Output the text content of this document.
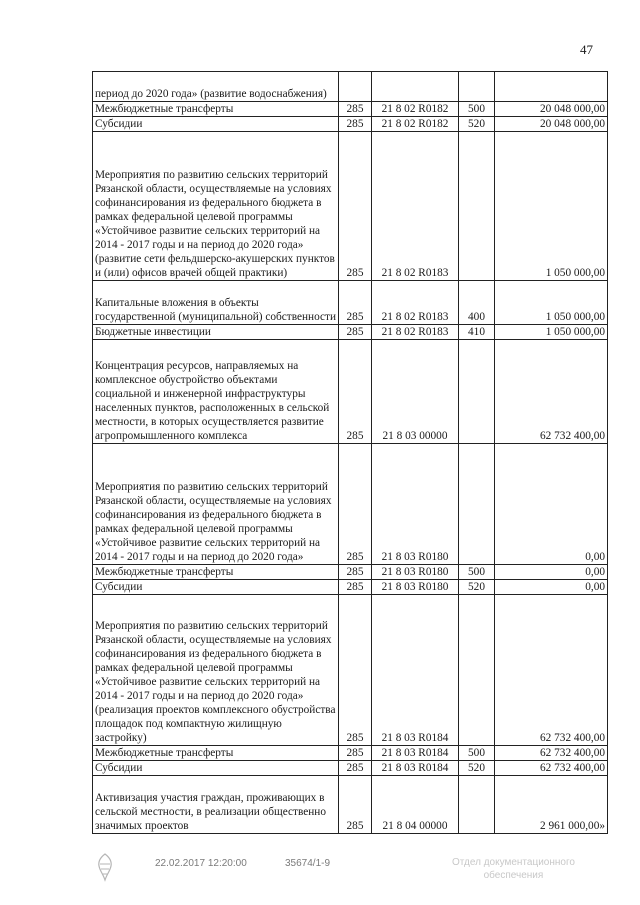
47
период до 2020 года» (развитие водоснабжения)				
Межбюджетные трансферты	285	21 8 02 R0182	500	20 048 000,00
Субсидии	285	21 8 02 R0182	520	20 048 000,00
Мероприятия по развитию сельских территорий Рязанской области, осуществляемые на условиях софинансирования из федерального бюджета в рамках федеральной целевой программы «Устойчивое развитие сельских территорий на 2014 - 2017 годы и на период до 2020 года» (развитие сети фельдшерско-акушерских пунктов и (или) офисов врачей общей практики)	285	21 8 02 R0183		1 050 000,00
Капитальные вложения в объекты государственной (муниципальной) собственности	285	21 8 02 R0183	400	1 050 000,00
Бюджетные инвестиции	285	21 8 02 R0183	410	1 050 000,00
Концентрация ресурсов, направляемых на комплексное обустройство объектами социальной и инженерной инфраструктуры населенных пунктов, расположенных в сельской местности, в которых осуществляется развитие агропромышленного комплекса	285	21 8 03 00000		62 732 400,00
Мероприятия по развитию сельских территорий Рязанской области, осуществляемые на условиях софинансирования из федерального бюджета в рамках федеральной целевой программы «Устойчивое развитие сельских территорий на 2014 - 2017 годы и на период до 2020 года»	285	21 8 03 R0180		0,00
Межбюджетные трансферты	285	21 8 03 R0180	500	0,00
Субсидии	285	21 8 03 R0180	520	0,00
Мероприятия по развитию сельских территорий Рязанской области, осуществляемые на условиях софинансирования из федерального бюджета в рамках федеральной целевой программы «Устойчивое развитие сельских территорий на 2014 - 2017 годы и на период до 2020 года» (реализация проектов комплексного обустройства площадок под компактную жилищную застройку)	285	21 8 03 R0184		62 732 400,00
Межбюджетные трансферты	285	21 8 03 R0184	500	62 732 400,00
Субсидии	285	21 8 03 R0184	520	62 732 400,00
Активизация участия граждан, проживающих в сельской местности, в реализации общественно значимых проектов	285	21 8 04 00000		2 961 000,00»
22.02.2017 12:20:00	35674/1-9	Отдел документационного
обеспечения
